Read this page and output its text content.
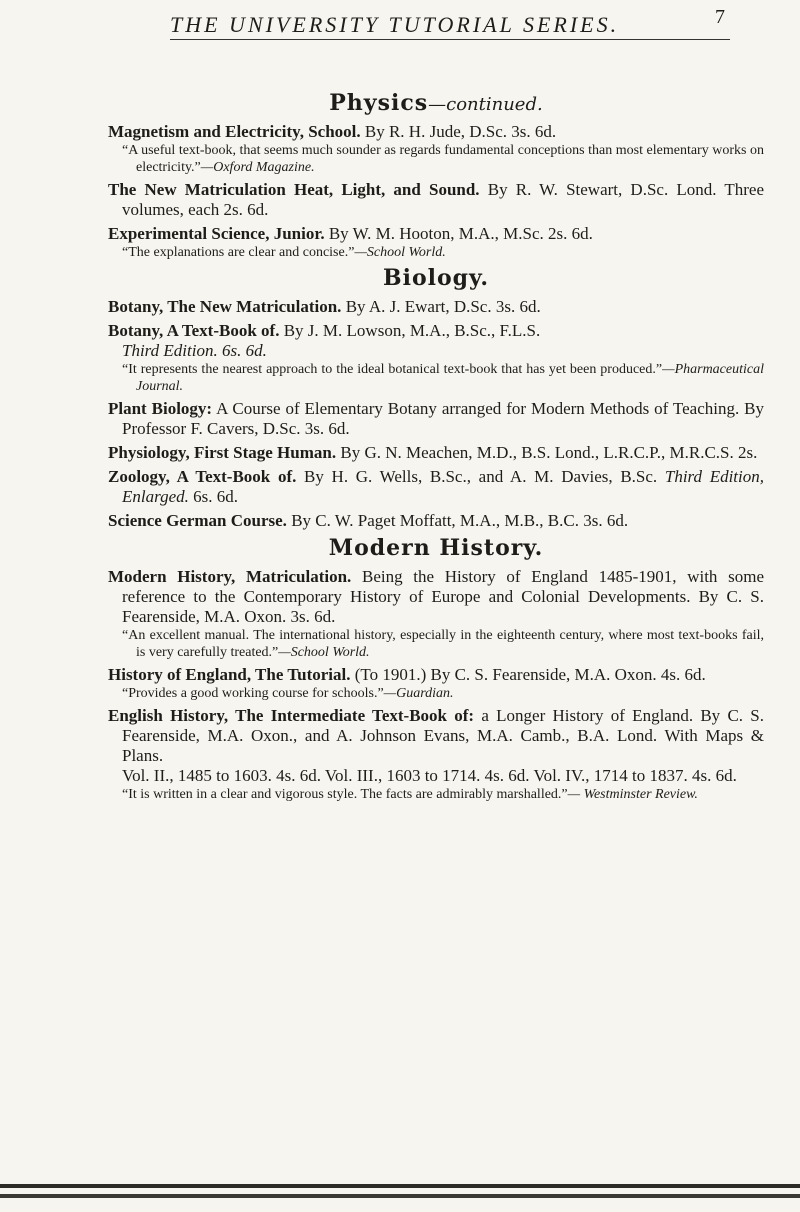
THE UNIVERSITY TUTORIAL SERIES.	7
Physics—continued.

Magnetism and Electricity, School. By R. H. Jude, D.Sc. 3s. 6d.
“A useful text-book, that seems much sounder as regards fundamental conceptions than most elementary works on electricity.”—Oxford Magazine.

The New Matriculation Heat, Light, and Sound. By R. W. Stewart, D.Sc. Lond. Three volumes, each 2s. 6d.

Experimental Science, Junior. By W. M. Hooton, M.A., M.Sc. 2s. 6d.
“The explanations are clear and concise.”—School World.

Biology.

Botany, The New Matriculation. By A. J. Ewart, D.Sc. 3s. 6d.

Botany, A Text-Book of. By J. M. Lowson, M.A., B.Sc., F.L.S.
Third Edition. 6s. 6d.
“It represents the nearest approach to the ideal botanical text-book that has yet been produced.”—Pharmaceutical Journal.

Plant Biology: A Course of Elementary Botany arranged for Modern Methods of Teaching. By Professor F. Cavers, D.Sc. 3s. 6d.

Physiology, First Stage Human. By G. N. Meachen, M.D., B.S. Lond., L.R.C.P., M.R.C.S. 2s.

Zoology, A Text-Book of. By H. G. Wells, B.Sc., and A. M. Davies, B.Sc. Third Edition, Enlarged. 6s. 6d.

Science German Course. By C. W. Paget Moffatt, M.A., M.B., B.C. 3s. 6d.

Modern History.

Modern History, Matriculation. Being the History of England 1485-1901, with some reference to the Contemporary History of Europe and Colonial Developments. By C. S. Fearenside, M.A. Oxon. 3s. 6d.
“An excellent manual. The international history, especially in the eighteenth century, where most text-books fail, is very carefully treated.”—School World.

History of England, The Tutorial. (To 1901.) By C. S. Fearenside, M.A. Oxon. 4s. 6d.
“Provides a good working course for schools.”—Guardian.

English History, The Intermediate Text-Book of: a Longer History of England. By C. S. Fearenside, M.A. Oxon., and A. Johnson Evans, M.A. Camb., B.A. Lond. With Maps & Plans.
Vol. II., 1485 to 1603. 4s. 6d. Vol. III., 1603 to 1714. 4s. 6d. Vol. IV., 1714 to 1837. 4s. 6d.
“It is written in a clear and vigorous style. The facts are admirably marshalled.”— Westminster Review.
